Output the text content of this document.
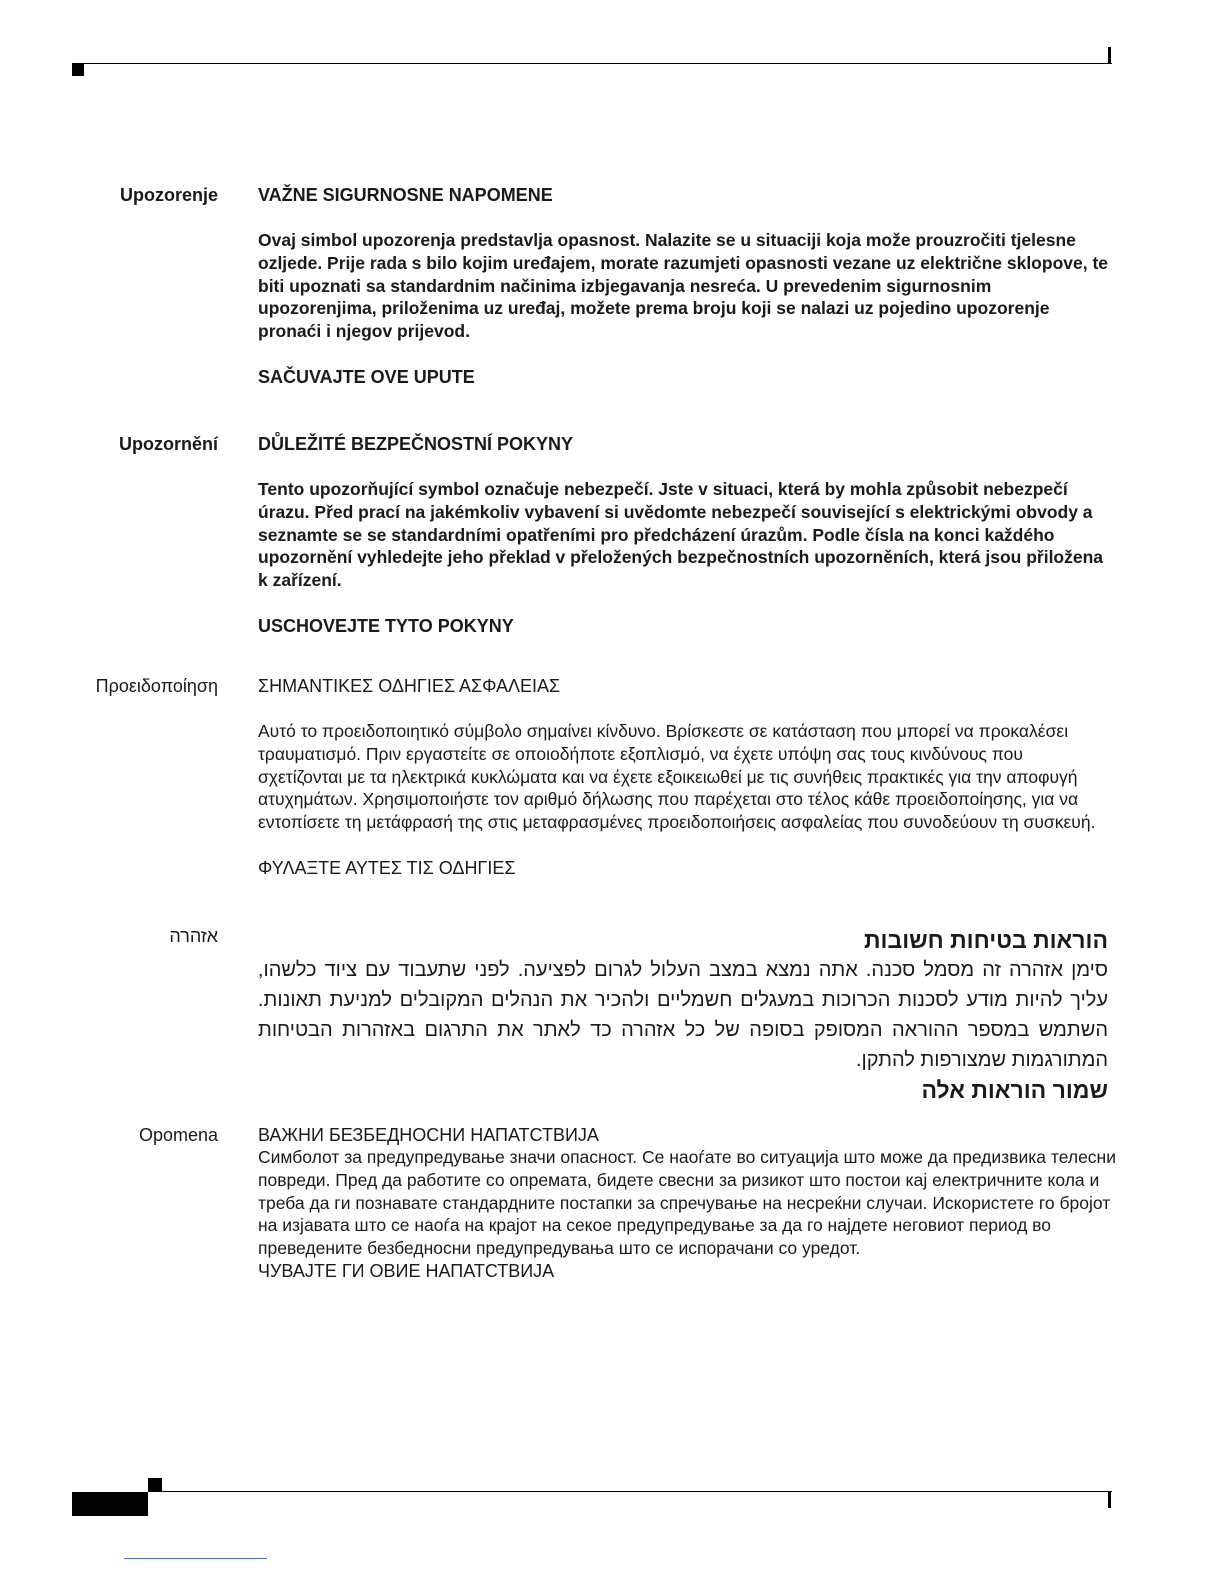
Upozorenje VAŽNE SIGURNOSNE NAPOMENE

Ovaj simbol upozorenja predstavlja opasnost. Nalazite se u situaciji koja može prouzročiti tjelesne ozljede. Prije rada s bilo kojim uređajem, morate razumjeti opasnosti vezane uz električne sklopove, te biti upoznati sa standardnim načinima izbjegavanja nesreća. U prevedenim sigurnosnim upozorenjima, priloženima uz uređaj, možete prema broju koji se nalazi uz pojedino upozorenje pronaći i njegov prijevod.

SAČUVAJTE OVE UPUTE

Upozornění DŮLEŽITÉ BEZPEČNOSTNÍ POKYNY

Tento upozorňující symbol označuje nebezpečí. Jste v situaci, která by mohla způsobit nebezpečí úrazu. Před prací na jakémkoliv vybavení si uvědomte nebezpečí související s elektrickými obvody a seznamte se se standardními opatřeními pro předcházení úrazům. Podle čísla na konci každého upozornění vyhledejte jeho překlad v přeložených bezpečnostních upozorněních, která jsou přiložena k zařízení.

USCHOVEJTE TYTO POKYNY

Προειδοποίηση ΣΗΜΑΝΤΙΚΕΣ ΟΔΗΓΙΕΣ ΑΣΦΑΛΕΙΑΣ

Αυτό το προειδοποιητικό σύμβολο σημαίνει κίνδυνο. Βρίσκεστε σε κατάσταση που μπορεί να προκαλέσει τραυματισμό. Πριν εργαστείτε σε οποιοδήποτε εξοπλισμό, να έχετε υπόψη σας τους κινδύνους που σχετίζονται με τα ηλεκτρικά κυκλώματα και να έχετε εξοικειωθεί με τις συνήθεις πρακτικές για την αποφυγή ατυχημάτων. Χρησιμοποιήστε τον αριθμό δήλωσης που παρέχεται στο τέλος κάθε προειδοποίησης, για να εντοπίσετε τη μετάφρασή της στις μεταφρασμένες προειδοποιήσεις ασφαλείας που συνοδεύουν τη συσκευή.

ΦΥΛΑΞΤΕ ΑΥΤΕΣ ΤΙΣ ΟΔΗΓΙΕΣ

אזהרה	הוראות בטיחות חשובות

סימן אזהרה זה מסמל סכנה. אתה נמצא במצב העלול לגרום לפציעה. לפני שתעבוד עם ציוד כלשהו, עליך להיות מודע לסכנות הכרוכות במעגלים חשמליים ולהכיר את הנהלים המקובלים למניעת תאונות. השתמש במספר ההוראה המסופק בסופה של כל אזהרה כד לאתר את התרגום באזהרות הבטיחות המתורגמות שמצורפות להתקן.

שמור הוראות אלה

Opomena ВАЖНИ БЕЗБЕДНОСНИ НАПАТСТВИЈА

Симболот за предупредување значи опасност. Се наоѓате во ситуација што може да предизвика телесни повреди. Пред да работите со опремата, бидете свесни за ризикот што постои кај електричните кола и треба да ги познавате стандардните постапки за спречување на несреќни случаи. Искористете го бројот на изјавата што се наоѓа на крајот на секое предупредување за да го најдете неговиот период во преведените безбедносни предупредувања што се испорачани со уредот.

ЧУВАЈТЕ ГИ ОВИЕ НАПАТСТВИЈА
